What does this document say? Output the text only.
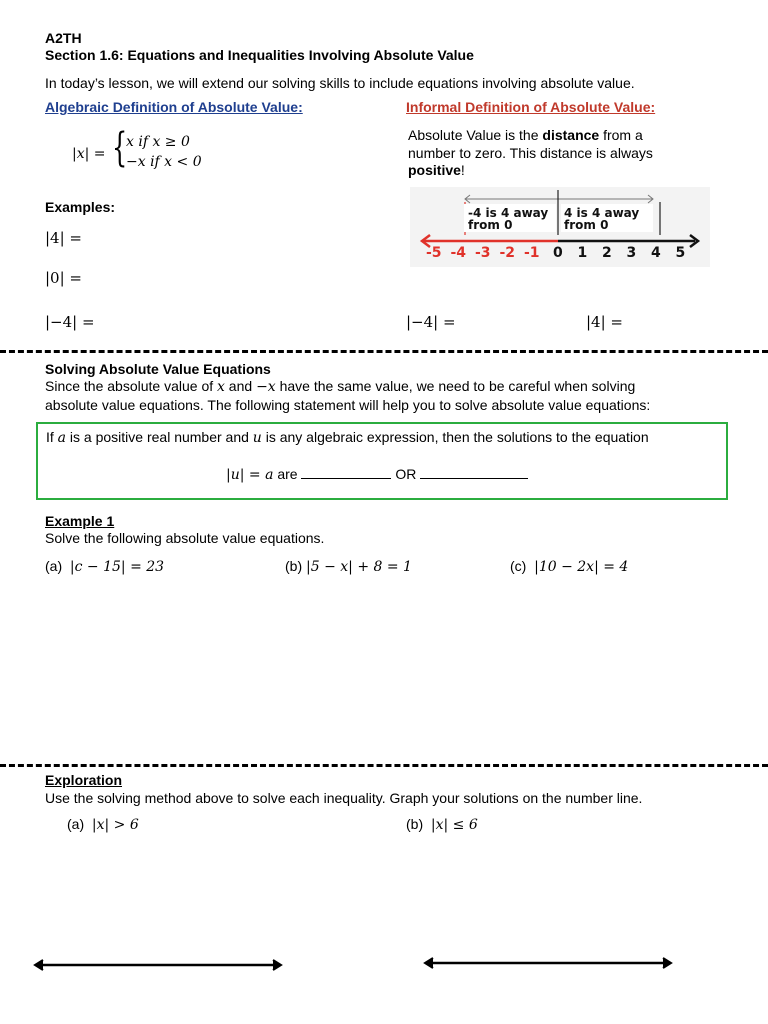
A2TH
Section 1.6: Equations and Inequalities Involving Absolute Value
In today’s lesson, we will extend our solving skills to include equations involving absolute value.
Algebraic Definition of Absolute Value:
|x| = {
x if x ≥ 0
−x if x < 0
Informal Definition of Absolute Value:
Absolute Value is the distance from a
number to zero. This distance is always
positive!
-4 is 4 away
from 0
4 is 4 away
from 0
-5 -4 -3 -2 -1 0 1 2 3 4 5
Examples:
|4| =
|0| =
|−4| =	|−4| =	|4| =
Solving Absolute Value Equations
Since the absolute value of x and −x have the same value, we need to be careful when solving
absolute value equations. The following statement will help you to solve absolute value equations:
If a is a positive real number and u is any algebraic expression, then the solutions to the equation
|u| = a are	OR
Example 1
Solve the following absolute value equations.
(a) |c − 15| = 23	(b) |5 − x| + 8 = 1	(c) |10 − 2x| = 4
Exploration
Use the solving method above to solve each inequality. Graph your solutions on the number line.
(a) |x| > 6	(b) |x| ≤ 6
